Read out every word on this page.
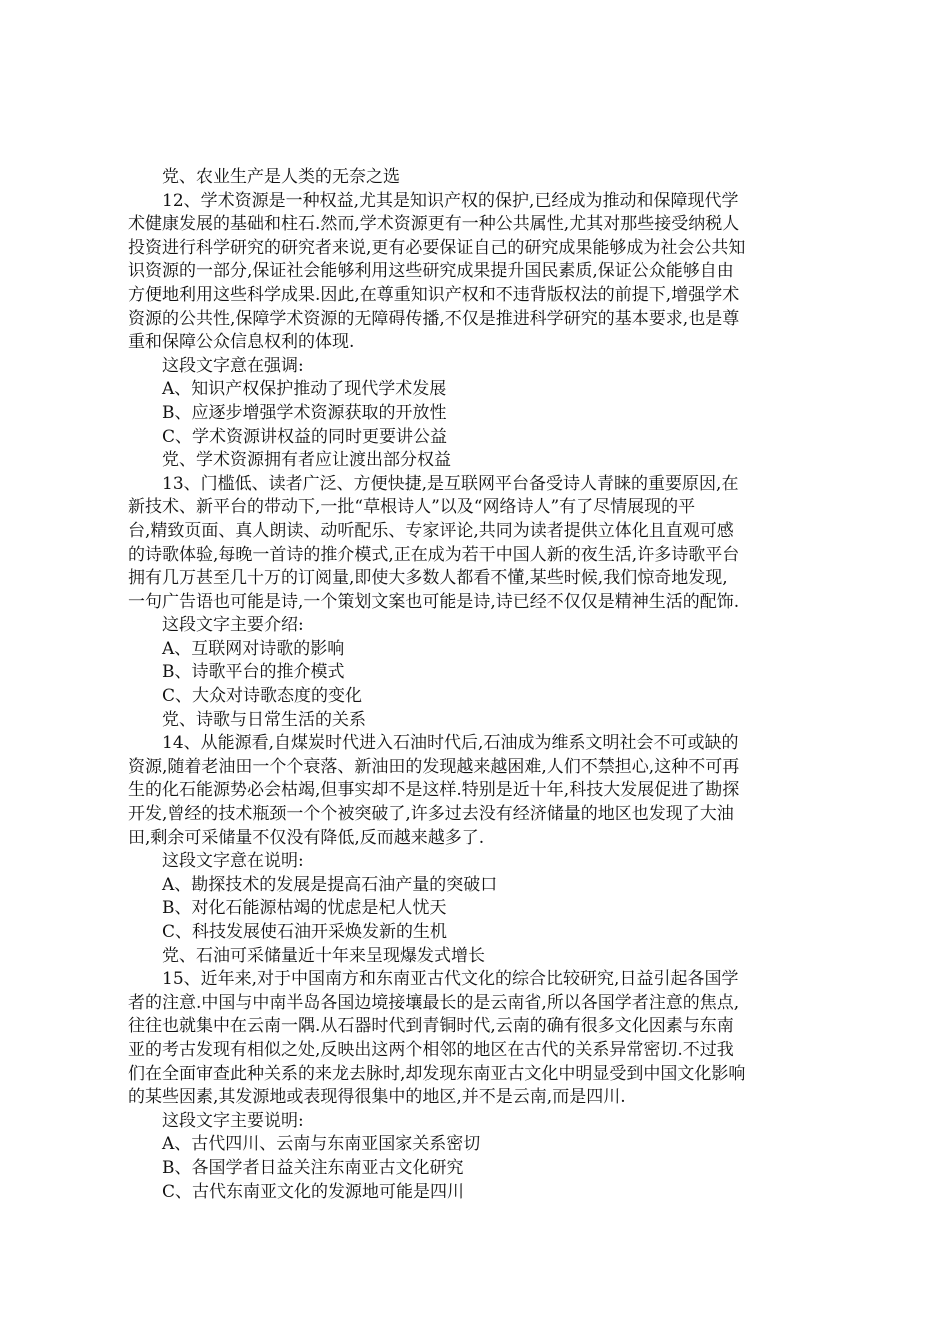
党、农业生产是人类的无奈之选
12、学术资源是一种权益,尤其是知识产权的保护,已经成为推动和保障现代学
术健康发展的基础和柱石.然而,学术资源更有一种公共属性,尤其对那些接受纳税人
投资进行科学研究的研究者来说,更有必要保证自己的研究成果能够成为社会公共知
识资源的一部分,保证社会能够利用这些研究成果提升国民素质,保证公众能够自由
方便地利用这些科学成果.因此,在尊重知识产权和不违背版权法的前提下,增强学术
资源的公共性,保障学术资源的无障碍传播,不仅是推进科学研究的基本要求,也是尊
重和保障公众信息权利的体现.
这段文字意在强调:
A、知识产权保护推动了现代学术发展
B、应逐步增强学术资源获取的开放性
C、学术资源讲权益的同时更要讲公益
党、学术资源拥有者应让渡出部分权益
13、门槛低、读者广泛、方便快捷,是互联网平台备受诗人青睐的重要原因,在
新技术、新平台的带动下,一批“草根诗人”以及“网络诗人”有了尽情展现的平
台,精致页面、真人朗读、动听配乐、专家评论,共同为读者提供立体化且直观可感
的诗歌体验,每晚一首诗的推介模式,正在成为若干中国人新的夜生活,许多诗歌平台
拥有几万甚至几十万的订阅量,即使大多数人都看不懂,某些时候,我们惊奇地发现,
一句广告语也可能是诗,一个策划文案也可能是诗,诗已经不仅仅是精神生活的配饰.
这段文字主要介绍:
A、互联网对诗歌的影响
B、诗歌平台的推介模式
C、大众对诗歌态度的变化
党、诗歌与日常生活的关系
14、从能源看,自煤炭时代进入石油时代后,石油成为维系文明社会不可或缺的
资源,随着老油田一个个衰落、新油田的发现越来越困难,人们不禁担心,这种不可再
生的化石能源势必会枯竭,但事实却不是这样.特别是近十年,科技大发展促进了勘探
开发,曾经的技术瓶颈一个个被突破了,许多过去没有经济储量的地区也发现了大油
田,剩余可采储量不仅没有降低,反而越来越多了.
这段文字意在说明:
A、勘探技术的发展是提高石油产量的突破口
B、对化石能源枯竭的忧虑是杞人忧天
C、科技发展使石油开采焕发新的生机
党、石油可采储量近十年来呈现爆发式增长
15、近年来,对于中国南方和东南亚古代文化的综合比较研究,日益引起各国学
者的注意.中国与中南半岛各国边境接壤最长的是云南省,所以各国学者注意的焦点,
往往也就集中在云南一隅.从石器时代到青铜时代,云南的确有很多文化因素与东南
亚的考古发现有相似之处,反映出这两个相邻的地区在古代的关系异常密切.不过我
们在全面审查此种关系的来龙去脉时,却发现东南亚古文化中明显受到中国文化影响
的某些因素,其发源地或表现得很集中的地区,并不是云南,而是四川.
这段文字主要说明:
A、古代四川、云南与东南亚国家关系密切
B、各国学者日益关注东南亚古文化研究
C、古代东南亚文化的发源地可能是四川
